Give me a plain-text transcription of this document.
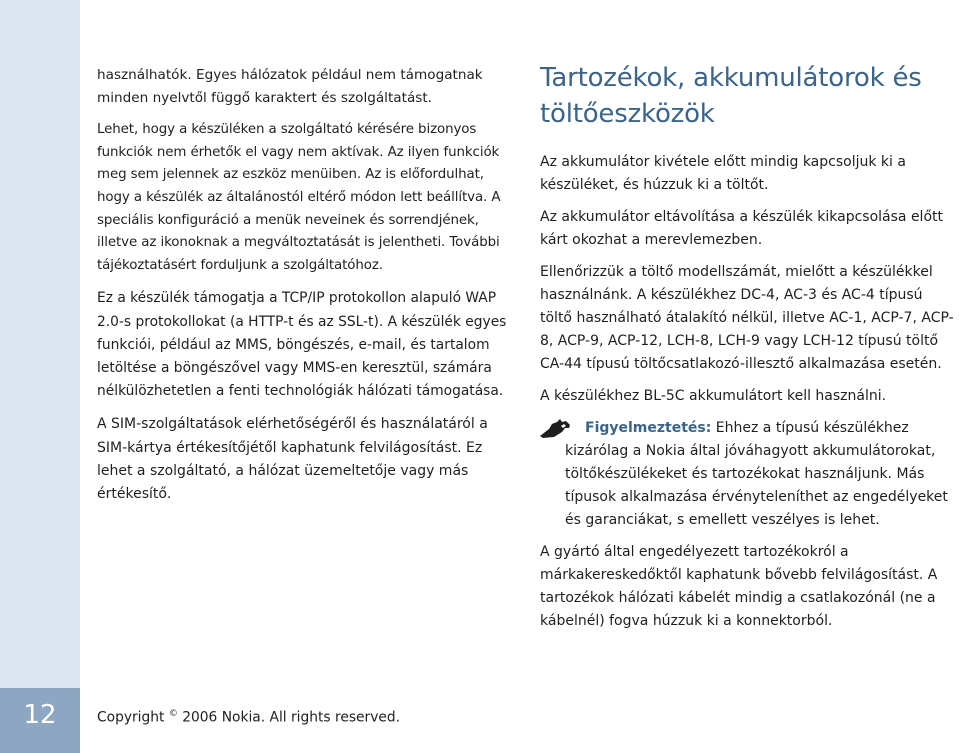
12

használhatók. Egyes hálózatok például nem támogatnak minden nyelvtől függő karaktert és szolgáltatást.

Lehet, hogy a készüléken a szolgáltató kérésére bizonyos funkciók nem érhetők el vagy nem aktívak. Az ilyen funkciók meg sem jelennek az eszköz menüiben. Az is előfordulhat, hogy a készülék az általánostól eltérő módon lett beállítva. A speciális konfiguráció a menük neveinek és sorrendjének, illetve az ikonoknak a megváltoztatását is jelentheti. További tájékoztatásért forduljunk a szolgáltatóhoz.

Ez a készülék támogatja a TCP/IP protokollon alapuló WAP 2.0-s protokollokat (a HTTP-t és az SSL-t). A készülék egyes funkciói, például az MMS, böngészés, e-mail, és tartalom letöltése a böngészővel vagy MMS-en keresztül, számára nélkülözhetetlen a fenti technológiák hálózati támogatása.

A SIM-szolgáltatások elérhetőségéről és használatáról a SIM-kártya értékesítőjétől kaphatunk felvilágosítást. Ez lehet a szolgáltató, a hálózat üzemeltetője vagy más értékesítő.

Tartozékok, akkumulátorok és töltőeszközök

Az akkumulátor kivétele előtt mindig kapcsoljuk ki a készüléket, és húzzuk ki a töltőt.

Az akkumulátor eltávolítása a készülék kikapcsolása előtt kárt okozhat a merevlemezben.

Ellenőrizzük a töltő modellszámát, mielőtt a készülékkel használnánk. A készülékhez DC-4, AC-3 és AC-4 típusú töltő használható átalakító nélkül, illetve AC-1, ACP-7, ACP-8, ACP-9, ACP-12, LCH-8, LCH-9 vagy LCH-12 típusú töltő CA-44 típusú töltőcsatlakozó-illesztő alkalmazása esetén.

A készülékhez BL-5C akkumulátort kell használni.

Figyelmeztetés: Ehhez a típusú készülékhez kizárólag a Nokia által jóváhagyott akkumulátorokat, töltőkészülékeket és tartozékokat használjunk. Más típusok alkalmazása érvényteleníthet az engedélyeket és garanciákat, s emellett veszélyes is lehet.

A gyártó által engedélyezett tartozékokról a márkakereskedőktől kaphatunk bővebb felvilágosítást. A tartozékok hálózati kábelét mindig a csatlakozónál (ne a kábelnél) fogva húzzuk ki a konnektorból.

Copyright © 2006 Nokia. All rights reserved.
